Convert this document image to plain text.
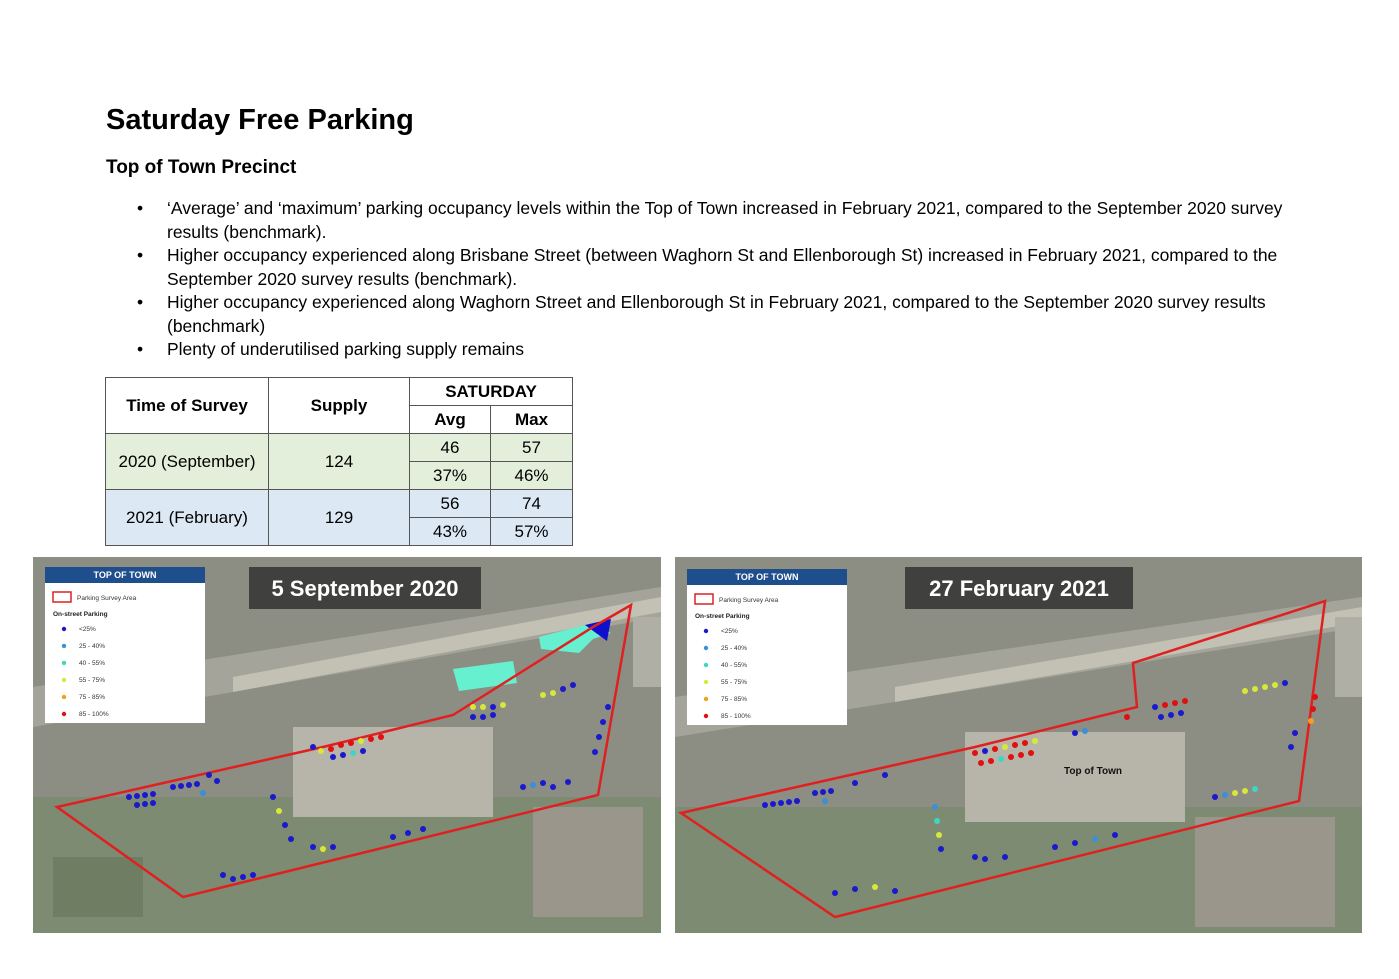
Saturday Free Parking
Top of Town Precinct
• ‘Average’ and ‘maximum’ parking occupancy levels within the Top of Town increased in February 2021, compared to the September 2020 survey results (benchmark).
• Higher occupancy experienced along Brisbane Street (between Waghorn St and Ellenborough St) increased in February 2021, compared to the September 2020 survey results (benchmark).
• Higher occupancy experienced along Waghorn Street and Ellenborough St in February 2021, compared to the September 2020 survey results (benchmark)
• Plenty of underutilised parking supply remains
Time of Survey	Supply	SATURDAY	
		Avg	Max
2020 (September)	124	46	57
		37%	46%
2021 (February)	129	56	74
		43%	57%
5 September 2020
TOP OF TOWN
Parking Survey Area
On-street Parking
<25%
25 - 40%
40 - 55%
55 - 75%
75 - 85%
85 - 100%
Top of Town
27 February 2021
TOP OF TOWN
Parking Survey Area
On-street Parking
<25%
25 - 40%
40 - 55%
55 - 75%
75 - 85%
85 - 100%
